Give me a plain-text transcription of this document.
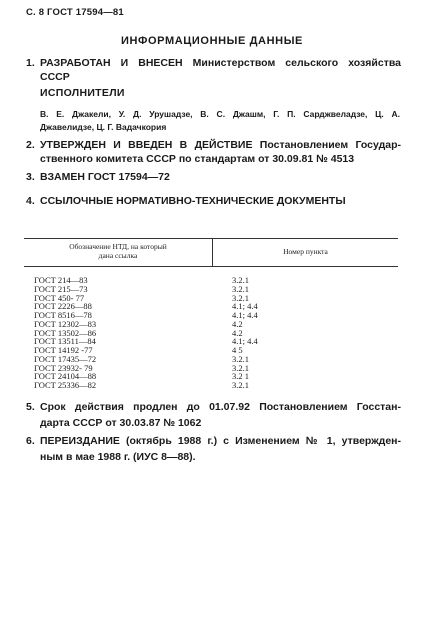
С. 8 ГОСТ 17594—81
ИНФОРМАЦИОННЫЕ ДАННЫЕ
1. РАЗРАБОТАН И ВНЕСЕН Министерством сельского хозяйства
СССР
ИСПОЛНИТЕЛИ
В. Е. Джакели, У. Д. Урушадзе, В. С. Джашм, Г. П. Сарджвеладзе, Ц. А.
Джавелидзе, Ц. Г. Вадачкория
2. УТВЕРЖДЕН И ВВЕДЕН В ДЕЙСТВИЕ Постановлением Государ-
ственного комитета СССР по стандартам от 30.09.81 № 4513
3. ВЗАМЕН ГОСТ 17594—72
4. ССЫЛОЧНЫЕ НОРМАТИВНО-ТЕХНИЧЕСКИЕ ДОКУМЕНТЫ
Обозначение НТД, на который
дана ссылка	Номер пункта
ГОСТ 214—83	3.2.1
ГОСТ 215—73	3.2.1
ГОСТ 450- 77	3.2.1
ГОСТ 2226—88	4.1; 4.4
ГОСТ 8516—78	4.1; 4.4
ГОСТ 12302—83	4.2
ГОСТ 13502—86	4.2
ГОСТ 13511—84	4.1; 4.4
ГОСТ 14192 -77	4 5
ГОСТ 17435—72	3.2.1
ГОСТ 23932- 79	3.2.1
ГОСТ 24104—88	3.2 1
ГОСТ 25336—82	3.2.1
5. Срок действия продлен до 01.07.92 Постановлением Госстан-
дарта СССР от 30.03.87 № 1062
6. ПЕРЕИЗДАНИЕ (октябрь 1988 г.) с Изменением № 1, утвержден-
ным в мае 1988 г. (ИУС 8—88).
